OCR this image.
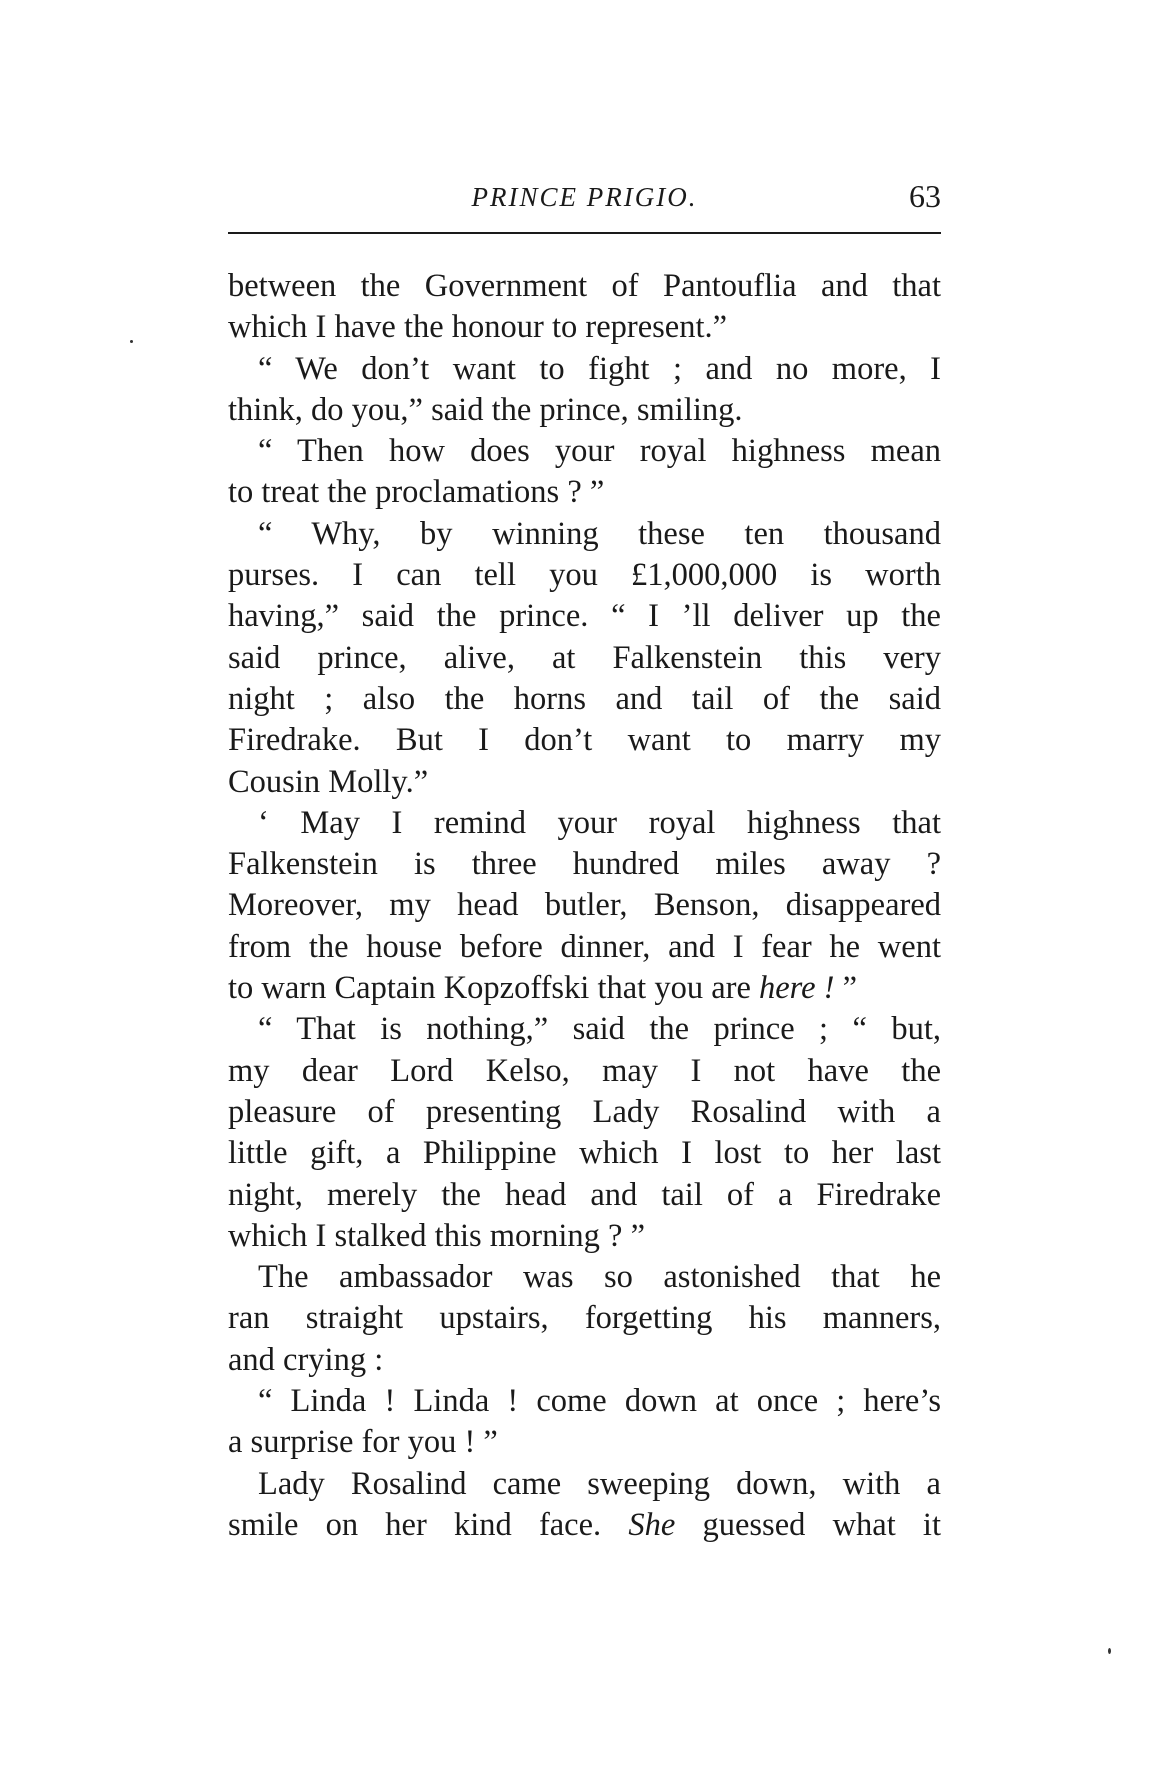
PRINCE PRIGIO.	63
between the Government of Pantouflia and that
which I have the honour to represent.”
“ We don’t want to fight ; and no more, I
think, do you,” said the prince, smiling.
“ Then how does your royal highness mean
to treat the proclamations ? ”
“ Why, by winning these ten thousand
purses. I can tell you £1,000,000 is worth
having,” said the prince. “ I ’ll deliver up the
said prince, alive, at Falkenstein this very
night ; also the horns and tail of the said
Firedrake. But I don’t want to marry my
Cousin Molly.”
‘ May I remind your royal highness that
Falkenstein is three hundred miles away ?
Moreover, my head butler, Benson, disappeared
from the house before dinner, and I fear he went
to warn Captain Kopzoffski that you are here ! ”
“ That is nothing,” said the prince ; “ but,
my dear Lord Kelso, may I not have the
pleasure of presenting Lady Rosalind with a
little gift, a Philippine which I lost to her last
night, merely the head and tail of a Firedrake
which I stalked this morning ? ”
The ambassador was so astonished that he
ran straight upstairs, forgetting his manners,
and crying :
“ Linda ! Linda ! come down at once ; here’s
a surprise for you ! ”
Lady Rosalind came sweeping down, with a
smile on her kind face. She guessed what it
